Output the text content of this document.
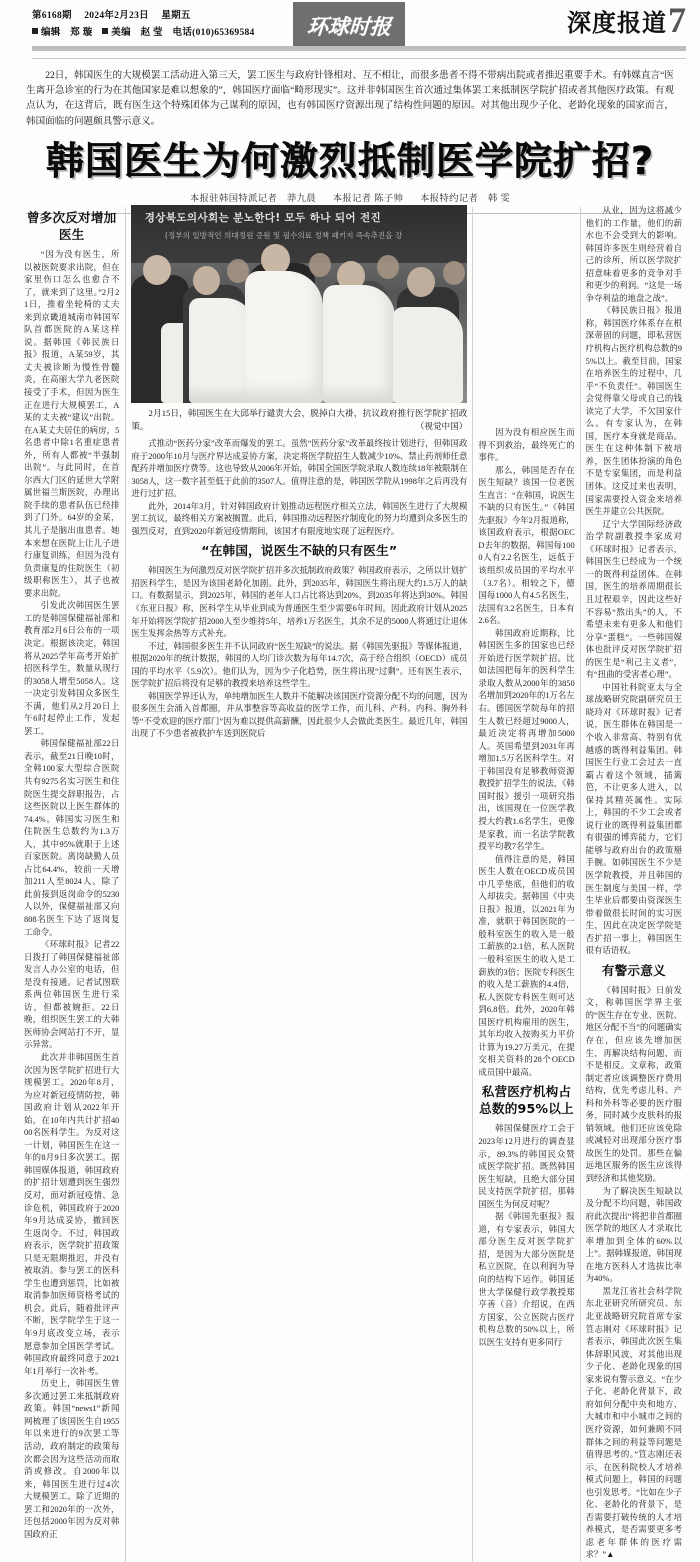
第6168期 2024年2月23日 星期五
编辑 郑 璇 美编 赵 莹 电话(010)65369584 环球时报	深度报道 7
22日，韩国医生的大规模罢工活动进入第三天，罢工医生与政府针锋相对、互不相让，而很多患者不得不带病出院或者推迟重要手术。有韩媒直言“医生离开急诊室的行为在其他国家是难以想象的”，韩国医疗面临“畸形现实”。这并非韩国医生首次通过集体罢工来抵制医学院扩招或者其他医疗政策。有观点认为，在这背后，既有医生这个特殊团体为己谋利的原因，也有韩国医疗资源出现了结构性问题的原因。对其他出现少子化、老龄化现象的国家而言，韩国面临的问题颇具警示意义。
韩国医生为何激烈抵制医学院扩招?
本报驻韩国特派记者　莽九晨 本报记者 陈子帅 本报特约记者　韩 雯
曾多次反对增加医生

“因为没有医生，所以被医院要求出院，但在家里伤口怎么也愈合不了，就来到了这里。”2月21日，推着坐轮椅的丈夫来到京畿道城南市韩国军队首都医院的A某这样说。据韩国《韩民族日报》报道，A某59岁，其丈夫被诊断为慢性骨髓炎，在高丽大学九老医院接受了手术，但因为医生正在进行大规模罢工，A某的丈夫被“建议”出院。在A某丈夫居住的病房，5名患者中除1名重症患者外，所有人都被“半强制出院”。与此同时，在首尔西大门区的延世大学附属世福兰斯医院，办理出院手续的患者队伍已经排到了门外。64岁的金某，其儿子是脑出血患者。她本来想在医院上让儿子进行康复训练，但因为没有负责康复的住院医生（初级职称医生），其子也被要求出院。

引发此次韩国医生罢工的是韩国保健福祉部和教育部2月6日公布的一项决定。根据该决定，韩国将从2025学年高考开始扩招医科学生，数量从现行的3058人增至5058人。这一决定引发韩国众多医生不满，他们从2月20日上午6时起停止工作，发起罢工。

韩国保健福祉部22日表示，截至21日晚10时，全韩100家大型综合医院共有9275名实习医生和住院医生提交辞职报告，占这些医院以上医生群体的74.4%。韩国实习医生和住院医生总数约为1.3万人，其中95%就职于上述百家医院。离岗缺勤人员占比64.4%，较前一天增加211人至8024人。除了此前接到返岗命令的5230人以外，保健福祉部又向808名医生下达了返岗复工命令。

《环球时报》记者22日拨打了韩国保健福祉部发言人办公室的电话，但是没有接通。记者试图联系两位韩国医生进行采访，但都被婉拒。22日晚，组织医生罢工的大韩医师协会网站打不开，显示异常。

此次并非韩国医生首次因为医学院扩招进行大规模罢工。2020年8月，为应对新冠疫情防控，韩国政府计划从2022年开始，在10年内共计扩招4000名医科学生。为反对这一计划，韩国医生在这一年的8月9日多次罢工。据韩国媒体报道，韩国政府的扩招计划遭到医生强烈反对，面对新冠疫情、急诊危机，韩国政府于2020年9月达成妥协，撤回医生返岗令。不过，韩国政府表示，医学院扩招政策只是无限期推迟，并没有被取消。参与罢工的医科学生也遭到惩罚，比如被取消参加医师资格考试的机会。此后，随着批评声不断，医学院学生于这一年9月底改变立场，表示愿意参加全国医学考试。韩国政府最终同意于2021年1月举行一次补考。

历史上，韩国医生曾多次通过罢工来抵制政府政策。韩国“news1”新闻网梳理了该国医生自1955年以来进行的9次罢工等活动，政府制定的政策每次都会因为这些活动而取消或修改。自2000年以来，韩国医生进行过4次大规模罢工。除了近期的罢工和2020年的一次外，还包括2000年因为反对韩国政府正

경상북도의사회는 분노한다! 모두 하나 되어 전진
(정부의 일방적인 의대정원 증원 및 필수의료 정책 패키지 즉속추진을 강
2月15日，韩国医生在大邱举行谴责大会，脱掉白大褂，抗议政府推行医学院扩招政策。	（视觉中国）

式推动“医药分家”改革而爆发的罢工。虽然“医药分家”改革最终按计划进行，但韩国政府于2000年10月与医疗界达成妥协方案，决定将医学院招生人数减少10%、禁止药剂师任意配药并增加医疗费等。这也导致从2006年开始，韩国全国医学院录取人数连续18年被限制在3058人，这一数字甚至低于此前的3507人。值得注意的是，韩国医学院从1998年之后再没有进行过扩招。

此外，2014年3月，针对韩国政府计划推动远程医疗相关立法，韩国医生进行了大规模罢工抗议，最终相关方案被搁置。此后，韩国推动远程医疗制度化的努力均遭到众多医生的强烈反对，直到2020年新冠疫情期间，该国才有限度地实现了远程医疗。

“在韩国，说医生不缺的只有医生”

韩国医生为何激烈反对医学院扩招并多次抵制政府政策？韩国政府表示，之所以计划扩招医科学生，是因为该国老龄化加剧。此外，到2035年，韩国医生将出现大约1.5万人的缺口。有数据显示，到2025年，韩国的老年人口占比将达到20%，到2035年将达到30%。韩国《东亚日报》称，医科学生从毕业到成为普通医生至少需要6年时间。因此政府计划从2025年开始将医学院扩招2000人至少维持5年，培养1万名医生，其余不足的5000人将通过让退休医生发挥余热等方式补充。

不过，韩国很多医生并不认同政府“医生短缺”的说法。据《韩国先驱报》等媒体报道，根据2020年的统计数据，韩国的人均门诊次数为每年14.7次，高于经合组织（OECD）成员国的平均水平（5.9次）。他们认为，因为少子化趋势，医生将出现“过剩”。还有医生表示，医学院扩招后将没有足够的教授来培养这些学生。

韩国医学界还认为，单纯增加医生人数并不能解决该国医疗资源分配不均的问题，因为很多医生会涌入首都圈，并从事整容等高收益的医学工作，而儿科、产科、内科、胸外科等“不受欢迎的医疗部门”因为难以提供高薪酬，因此很少人会做此类医生。最近几年，韩国出现了不少患者被救护车送到医院后

因为没有相应医生而得不到救治，最终死亡的事件。

那么，韩国是否存在医生短缺？该国一位老医生直言：“在韩国，说医生不缺的只有医生。”《韩国先驱报》今年2月报道称，该国政府表示，根据OECD去年的数据，韩国每1000人有2.2名医生，远低于该组织成员国的平均水平（3.7名）。相较之下，德国每1000人有4.5名医生，法国有3.2名医生，日本有2.6名。

韩国政府近期称，比韩国医生多的国家也已经开始进行医学院扩招。比如法国把每年的医科学生录取人数从2000年的3850名增加到2020年的1万名左右。德国医学院每年的招生人数已经超过9000人，最近决定将再增加5000人。英国希望到2031年再增加1.5万名医科学生。对于韩国没有足够教师资源教授扩招学生的说法，《韩国时报》援引一项研究指出，该国现在一位医学教授大约教1.6名学生，更像是家教，而一名法学院教授平均教7名学生。

值得注意的是，韩国医生人数在OECD成员国中几乎垫底，但他们的收入却拔尖。据韩国《中央日报》报道，以2021年为准，就职于韩国医院的一般科室医生的收入是一般工薪族的2.1倍，私人医院一般科室医生的收入是工薪族的3倍；医院专科医生的收入是工薪族的4.4倍，私人医院专科医生则可达到6.8倍。此外，2020年韩国医疗机构雇用的医生，其年均收入按购买力平价计算为19.27万美元，在提交相关资料的28个OECD成员国中最高。

私营医疗机构占总数的95%以上

韩国保健医疗工会于2023年12月进行的调查显示，89.3%的韩国民众赞成医学院扩招。既然韩国医生短缺，且绝大部分国民支持医学院扩招，那韩国医生为何反对呢？

据《韩国先驱报》报道，有专家表示，韩国大部分医生反对医学院扩招，是因为大部分医院是私立医院，在以利润为导向的结构下运作。韩国延世大学保健行政学教授郑亨善（音）介绍说，在西方国家，公立医院占医疗机构总数的50%以上，所以医生支持有更多同行

从业，因为这将减少他们的工作量，他们的薪水也不会受到大的影响。韩国许多医生则经营着自己的诊所，所以医学院扩招意味着更多的竞争对手和更少的利润。“这是一场争夺利益的地盘之战”。

《韩民族日报》报道称，韩国医疗体系存在根深蒂固的问题，即私营医疗机构占医疗机构总数的95%以上。截至目前，国家在培养医生的过程中，几乎“不负责任”。韩国医生会觉得靠父母或自己的钱读完了大学，不欠国家什么。有专家认为，在韩国，医疗本身就是商品。医生在这种体制下被培养，医生团体扮演的角色不是专家集团，而是利益团体。这反过来也表明，国家需要投入资金来培养医生并建立公共医院。

辽宁大学国际经济政治学院副教授李家成对《环球时报》记者表示，韩国医生已经成为一个统一的既得利益团体。在韩国，医生的培养周期很长且过程艰辛，因此这些好不容易“熬出头”的人，不希望未来有更多人和他们分享“蛋糕”。一些韩国媒体也批评反对医学院扩招的医生是“利己主义者”，有“扭曲的受害者心理”。

中国社科院亚太与全球战略研究院副研究员王晓玲对《环球时报》记者说，医生群体在韩国是一个收入非常高、特别有优越感的既得利益集团。韩国医生行业工会过去一直霸占着这个领域，插篱笆，不让更多人进入，以保持其精英属性。实际上，韩国的不少工会或者说行业的既得利益集团都有很强的博弈能力，它们能够与政府出台的政策掰手腕。如韩国医生不少是医学院教授，并且韩国的医生制度与美国一样，学生毕业后都要由资深医生带着做很长时间的实习医生，因此在决定医学院是否扩招一事上，韩国医生很有话语权。

有警示意义

《韩国时报》日前发文，称韩国医学界主张的“医生存在专业、医院、地区分配不当”的问题确实存在，但应该先增加医生，再解决结构问题，而不是相反。文章称，政策制定者应该调整医疗费用结构，优先考虑儿科、产科和外科等必要的医疗服务，同时减少皮肤科的报销领域。他们还应该免除或减轻对出现部分医疗事故医生的处罚。那些在偏远地区服务的医生应该得到经济和其他奖励。

为了解决医生短缺以及分配不均问题，韩国政府此次提出“将把非首都圈医学院的地区人才录取比率增加到全体的60%以上”。据韩媒报道，韩国现在地方医科人才选拔比率为40%。

黑龙江省社会科学院东北亚研究所研究员、东北亚战略研究院首席专家笪志刚对《环球时报》记者表示，韩国此次医生集体辞职风波，对其他出现少子化、老龄化现象的国家来说有警示意义。“在少子化、老龄化背景下，政府如何分配中央和地方、大城市和中小城市之间的医疗资源，如何兼顾不同群体之间的利益等问题是值得思考的。”笪志刚还表示，在医科院校人才培养模式问题上，韩国的问题也引发思考。“比如在少子化、老龄化的背景下，是否需要打破传统的人才培养模式，是否需要更多考虑老年群体的医疗需求？”▲
